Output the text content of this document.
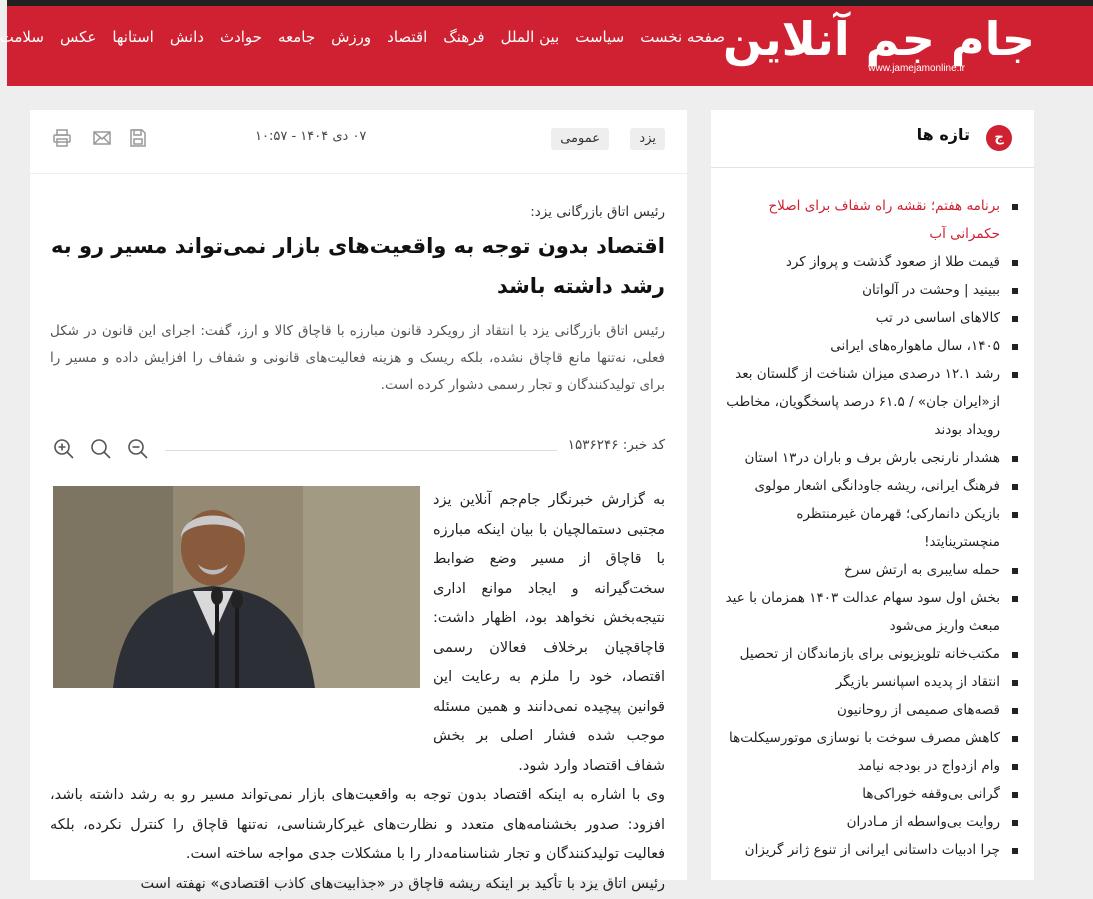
جام جم آنلاین
www.jamejamonline.ir
صفحه نخست
سیاست
بین الملل
فرهنگ
اقتصاد
ورزش
جامعه
حوادث
دانش
استانها
عکس
سلامت
ج
تازه ها
برنامه هفتم؛ نقشه راه شفاف برای اصلاح حکمرانی آب
قیمت طلا از صعود گذشت و پرواز کرد
ببینید | وحشت در آلواتان
کالاهای اساسی در تب
۱۴۰۵، سال ماهواره‌های ایرانی
رشد ۱۲.۱ درصدی میزان شناخت از گلستان بعد از«ایران جان» / ۶۱.۵ درصد پاسخگویان، مخاطب رویداد بودند
هشدار نارنجی بارش برف و باران در۱۳ استان
فرهنگ ایرانی، ریشه جاودانگی اشعار مولوی
بازیکن دانمارکی؛ قهرمان غیرمنتظره منچسترینایتد!
حمله سایبری به ارتش سرخ
بخش اول سود سهام عدالت ۱۴۰۳ همزمان با عید مبعث واریز می‌شود
مکتب‌خانه تلویزیونی برای بازماندگان از تحصیل
انتقاد از پدیده اسپانسر بازیگر
قصه‌های صمیمی از روحانیون
کاهش مصرف سوخت با نوسازی موتورسیکلت‌ها
وام ازدواج در بودجه نیامد
گرانی بی‌وقفه خوراکی‌ها
روایت بی‌واسطه از مـادران
چرا ادبیات داستانی ایرانی از تنوع ژانر گریزان
یزد
عمومی
۰۷ دی ۱۴۰۴ - ۱۰:۵۷
رئیس اتاق بازرگانی یزد:
اقتصاد بدون توجه به واقعیت‌های بازار نمی‌تواند مسیر رو به رشد داشته باشد

رئیس اتاق بازرگانی یزد با انتقاد از رویکرد قانون مبارزه با قاچاق کالا و ارز، گفت: اجرای این قانون در شکل فعلی، نه‌تنها مانع قاچاق نشده، بلکه ریسک و هزینه فعالیت‌های قانونی و شفاف را افزایش داده و مسیر را برای تولیدکنندگان و تجار رسمی دشوار کرده است.

کد خبر: ۱۵۳۶۲۴۶

به گزارش خبرنگار جام‌جم آنلاین یزد مجتبی دستمالچیان با بیان اینکه مبارزه با قاچاق از مسیر وضع ضوابط سخت‌گیرانه و ایجاد موانع اداری نتیجه‌بخش نخواهد بود، اظهار داشت: قاچاقچیان برخلاف فعالان رسمی اقتصاد، خود را ملزم به رعایت این قوانین پیچیده نمی‌دانند و همین مسئله موجب شده فشار اصلی بر بخش شفاف اقتصاد وارد شود.

وی با اشاره به اینکه اقتصاد بدون توجه به واقعیت‌های بازار نمی‌تواند مسیر رو به رشد داشته باشد، افزود: صدور بخشنامه‌های متعدد و نظارت‌های غیرکارشناسی، نه‌تنها قاچاق را کنترل نکرده، بلکه فعالیت تولیدکنندگان و تجار شناسنامه‌دار را با مشکلات جدی مواجه ساخته است.

رئیس اتاق یزد با تأکید بر اینکه ریشه قاچاق در «جذابیت‌های کاذب اقتصادی» نهفته است
